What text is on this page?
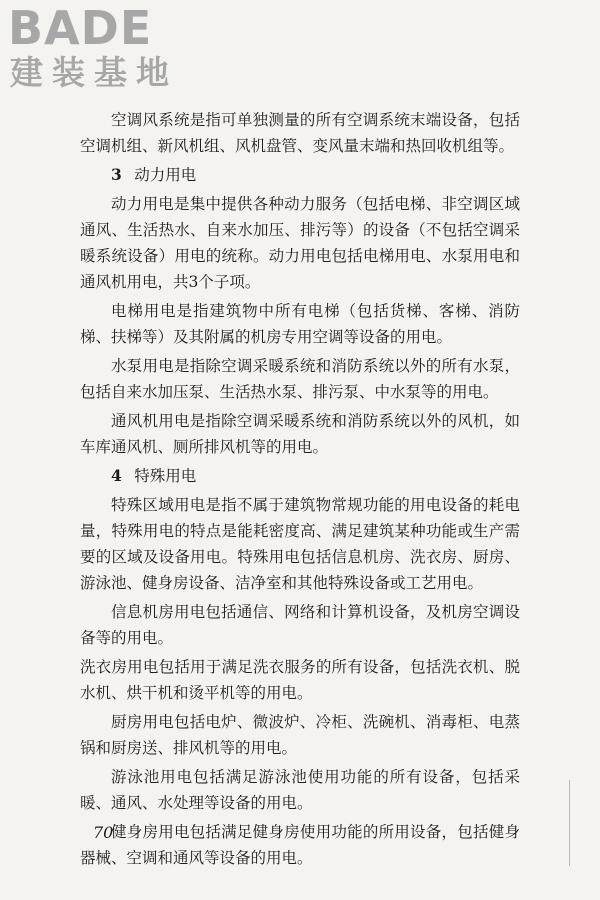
BADE
建装基地

空调风系统是指可单独测量的所有空调系统末端设备，包括空调机组、新风机组、风机盘管、变风量末端和热回收机组等。

3 动力用电

动力用电是集中提供各种动力服务（包括电梯、非空调区域通风、生活热水、自来水加压、排污等）的设备（不包括空调采暖系统设备）用电的统称。动力用电包括电梯用电、水泵用电和通风机用电，共3个子项。

电梯用电是指建筑物中所有电梯（包括货梯、客梯、消防梯、扶梯等）及其附属的机房专用空调等设备的用电。

水泵用电是指除空调采暖系统和消防系统以外的所有水泵，包括自来水加压泵、生活热水泵、排污泵、中水泵等的用电。

通风机用电是指除空调采暖系统和消防系统以外的风机，如车库通风机、厕所排风机等的用电。

4 特殊用电

特殊区域用电是指不属于建筑物常规功能的用电设备的耗电量，特殊用电的特点是能耗密度高、满足建筑某种功能或生产需要的区域及设备用电。特殊用电包括信息机房、洗衣房、厨房、游泳池、健身房设备、洁净室和其他特殊设备或工艺用电。

信息机房用电包括通信、网络和计算机设备，及机房空调设备等的用电。

洗衣房用电包括用于满足洗衣服务的所有设备，包括洗衣机、脱水机、烘干机和烫平机等的用电。

厨房用电包括电炉、微波炉、冷柜、洗碗机、消毒柜、电蒸锅和厨房送、排风机等的用电。

游泳池用电包括满足游泳池使用功能的所有设备，包括采暖、通风、水处理等设备的用电。

健身房用电包括满足健身房使用功能的所用设备，包括健身器械、空调和通风等设备的用电。

70
